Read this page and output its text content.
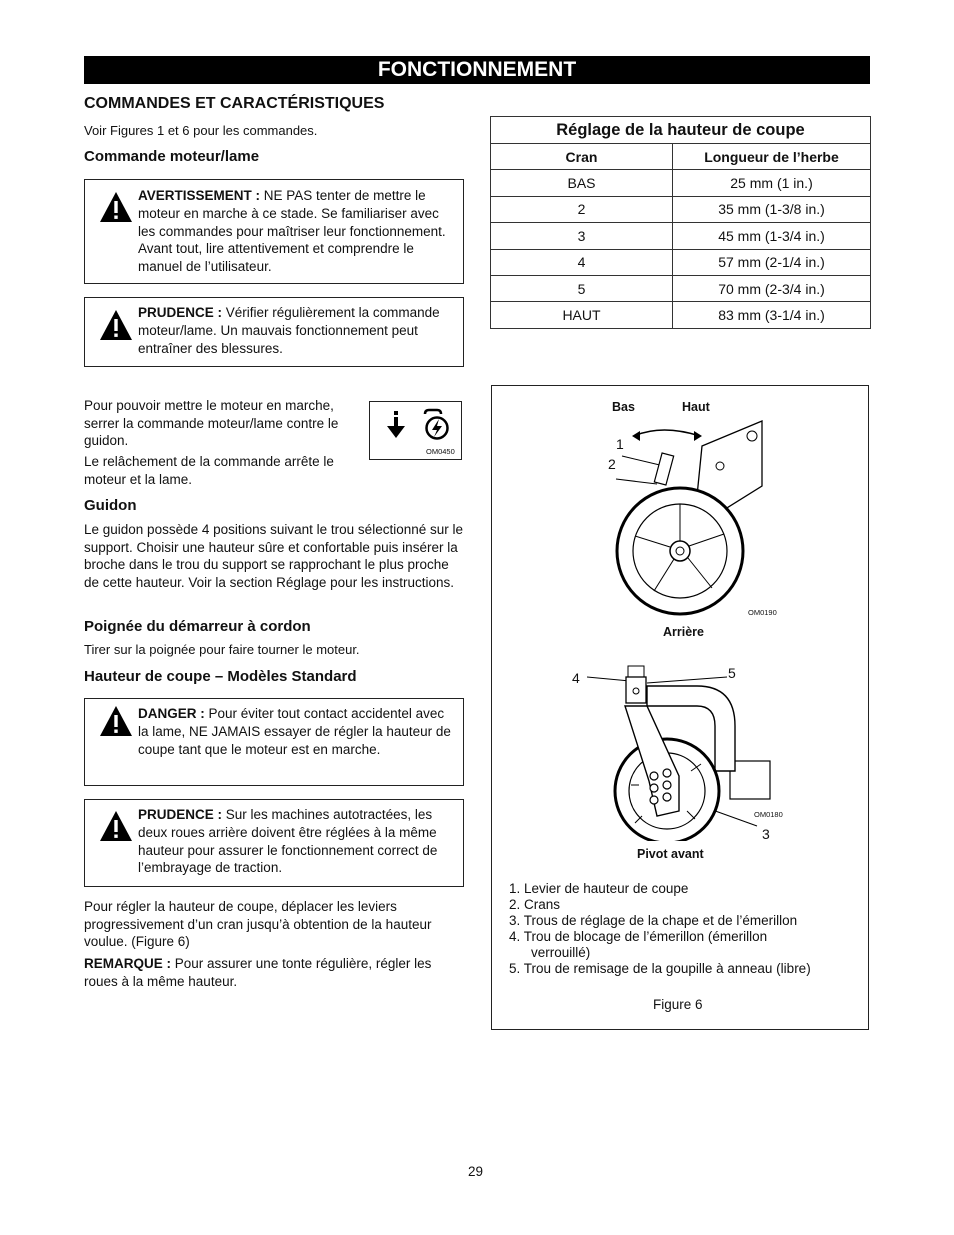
FONCTIONNEMENT
COMMANDES ET CARACTÉRISTIQUES
Voir Figures 1 et 6 pour les commandes.
Commande moteur/lame
AVERTISSEMENT : NE PAS tenter de mettre le moteur en marche à ce stade. Se familiariser avec les commandes pour maîtriser leur fonctionnement. Avant tout, lire attentivement et comprendre le manuel de l’utilisateur.
PRUDENCE : Vérifier régulièrement la commande moteur/lame. Un mauvais fonctionnement peut entraîner des blessures.
Pour pouvoir mettre le moteur en marche, serrer la commande moteur/lame contre le guidon.
Le relâchement de la commande arrête le moteur et la lame.
OM0450
Guidon
Le guidon possède 4 positions suivant le trou sélectionné sur le support. Choisir une hauteur sûre et confortable puis insérer la broche dans le trou du support se rapprochant le plus proche de cette hauteur. Voir la section Réglage pour les instructions.
Poignée du démarreur à cordon
Tirer sur la poignée pour faire tourner le moteur.
Hauteur de coupe – Modèles Standard
DANGER : Pour éviter tout contact accidentel avec la lame, NE JAMAIS essayer de régler la hauteur de coupe tant que le moteur est en marche.
PRUDENCE : Sur les machines autotractées, les deux roues arrière doivent être réglées à la même hauteur pour assurer le fonctionnement correct de l’embrayage de traction.
Pour régler la hauteur de coupe, déplacer les leviers progressivement d’un cran jusqu’à obtention de la hauteur voulue. (Figure 6)
REMARQUE : Pour assurer une tonte régulière, régler les roues à la même hauteur.
Réglage de la hauteur de coupe	
Cran	Longueur de l’herbe
BAS	25 mm (1 in.)
2	35 mm (1-3/8 in.)
3	45 mm (1-3/4 in.)
4	57 mm (2-1/4 in.)
5	70 mm (2-3/4 in.)
HAUT	83 mm (3-1/4 in.)
Bas	Haut
1
2
OM0190
Arrière
4	5
OM0180
3
Pivot avant
1. Levier de hauteur de coupe
2. Crans
3. Trous de réglage de la chape et de l’émerillon
4. Trou de blocage de l’émerillon (émerillon
verrouillé)
5. Trou de remisage de la goupille à anneau (libre)
Figure 6
29
